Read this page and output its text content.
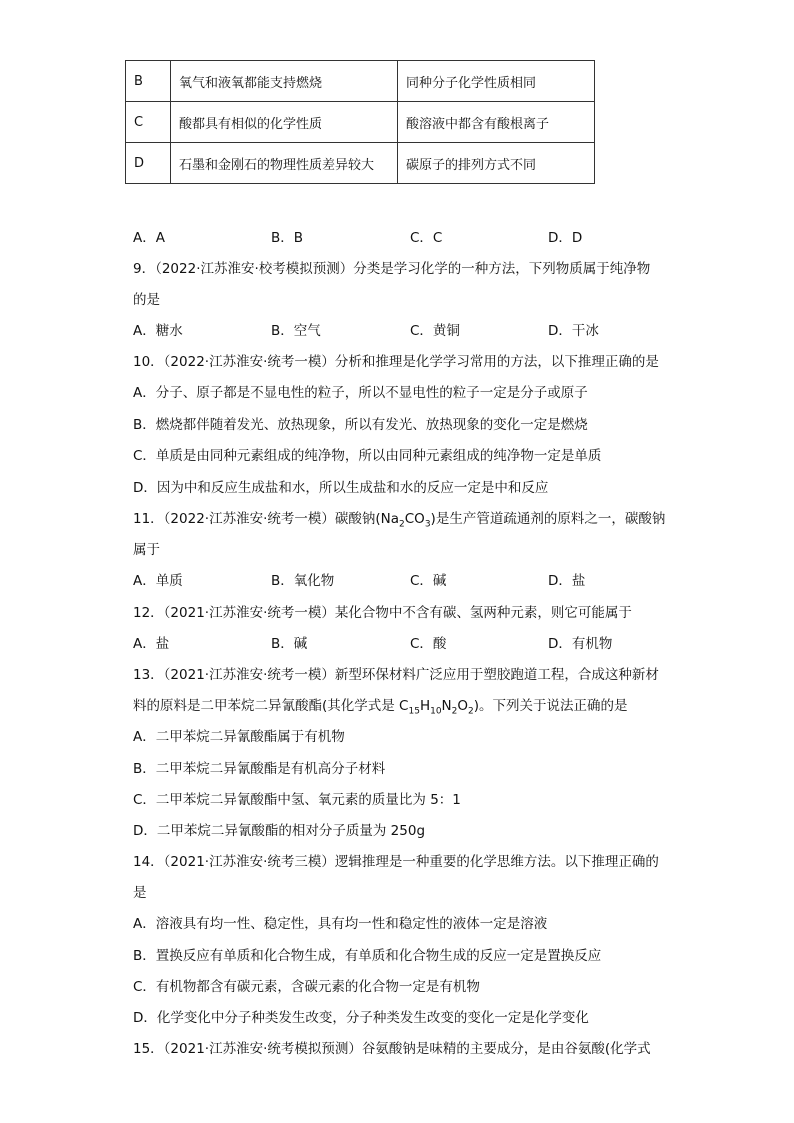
B	氧气和液氧都能支持燃烧	同种分子化学性质相同
C	酸都具有相似的化学性质	酸溶液中都含有酸根离子
D	石墨和金刚石的物理性质差异较大	碳原子的排列方式不同
A．A	B．B	C．C	D．D
9．（2022·江苏淮安·校考模拟预测）分类是学习化学的一种方法，下列物质属于纯净物
的是
A．糖水	B．空气	C．黄铜	D．干冰
10．（2022·江苏淮安·统考一模）分析和推理是化学学习常用的方法，以下推理正确的是
A．分子、原子都是不显电性的粒子，所以不显电性的粒子一定是分子或原子
B．燃烧都伴随着发光、放热现象，所以有发光、放热现象的变化一定是燃烧
C．单质是由同种元素组成的纯净物，所以由同种元素组成的纯净物一定是单质
D．因为中和反应生成盐和水，所以生成盐和水的反应一定是中和反应
11．（2022·江苏淮安·统考一模）碳酸钠$(Na_2CO_3)$是生产管道疏通剂的原料之一，碳酸钠
属于
A．单质	B．氧化物	C．碱	D．盐
12．（2021·江苏淮安·统考一模）某化合物中不含有碳、氢两种元素，则它可能属于
A．盐	B．碱	C．酸	D．有机物
13．（2021·江苏淮安·统考一模）新型环保材料广泛应用于塑胶跑道工程，合成这种新材
料的原料是二甲苯烷二异氰酸酯(其化学式是 $C_{15}H_{10}N_2O_2$)。下列关于说法正确的是
A．二甲苯烷二异氰酸酯属于有机物
B．二甲苯烷二异氰酸酯是有机高分子材料
C．二甲苯烷二异氰酸酯中氢、氧元素的质量比为 5：1
D．二甲苯烷二异氰酸酯的相对分子质量为 250g
14．（2021·江苏淮安·统考三模）逻辑推理是一种重要的化学思维方法。以下推理正确的
是
A．溶液具有均一性、稳定性，具有均一性和稳定性的液体一定是溶液
B．置换反应有单质和化合物生成，有单质和化合物生成的反应一定是置换反应
C．有机物都含有碳元素，含碳元素的化合物一定是有机物
D．化学变化中分子种类发生改变，分子种类发生改变的变化一定是化学变化
15．（2021·江苏淮安·统考模拟预测）谷氨酸钠是味精的主要成分，是由谷氨酸(化学式
